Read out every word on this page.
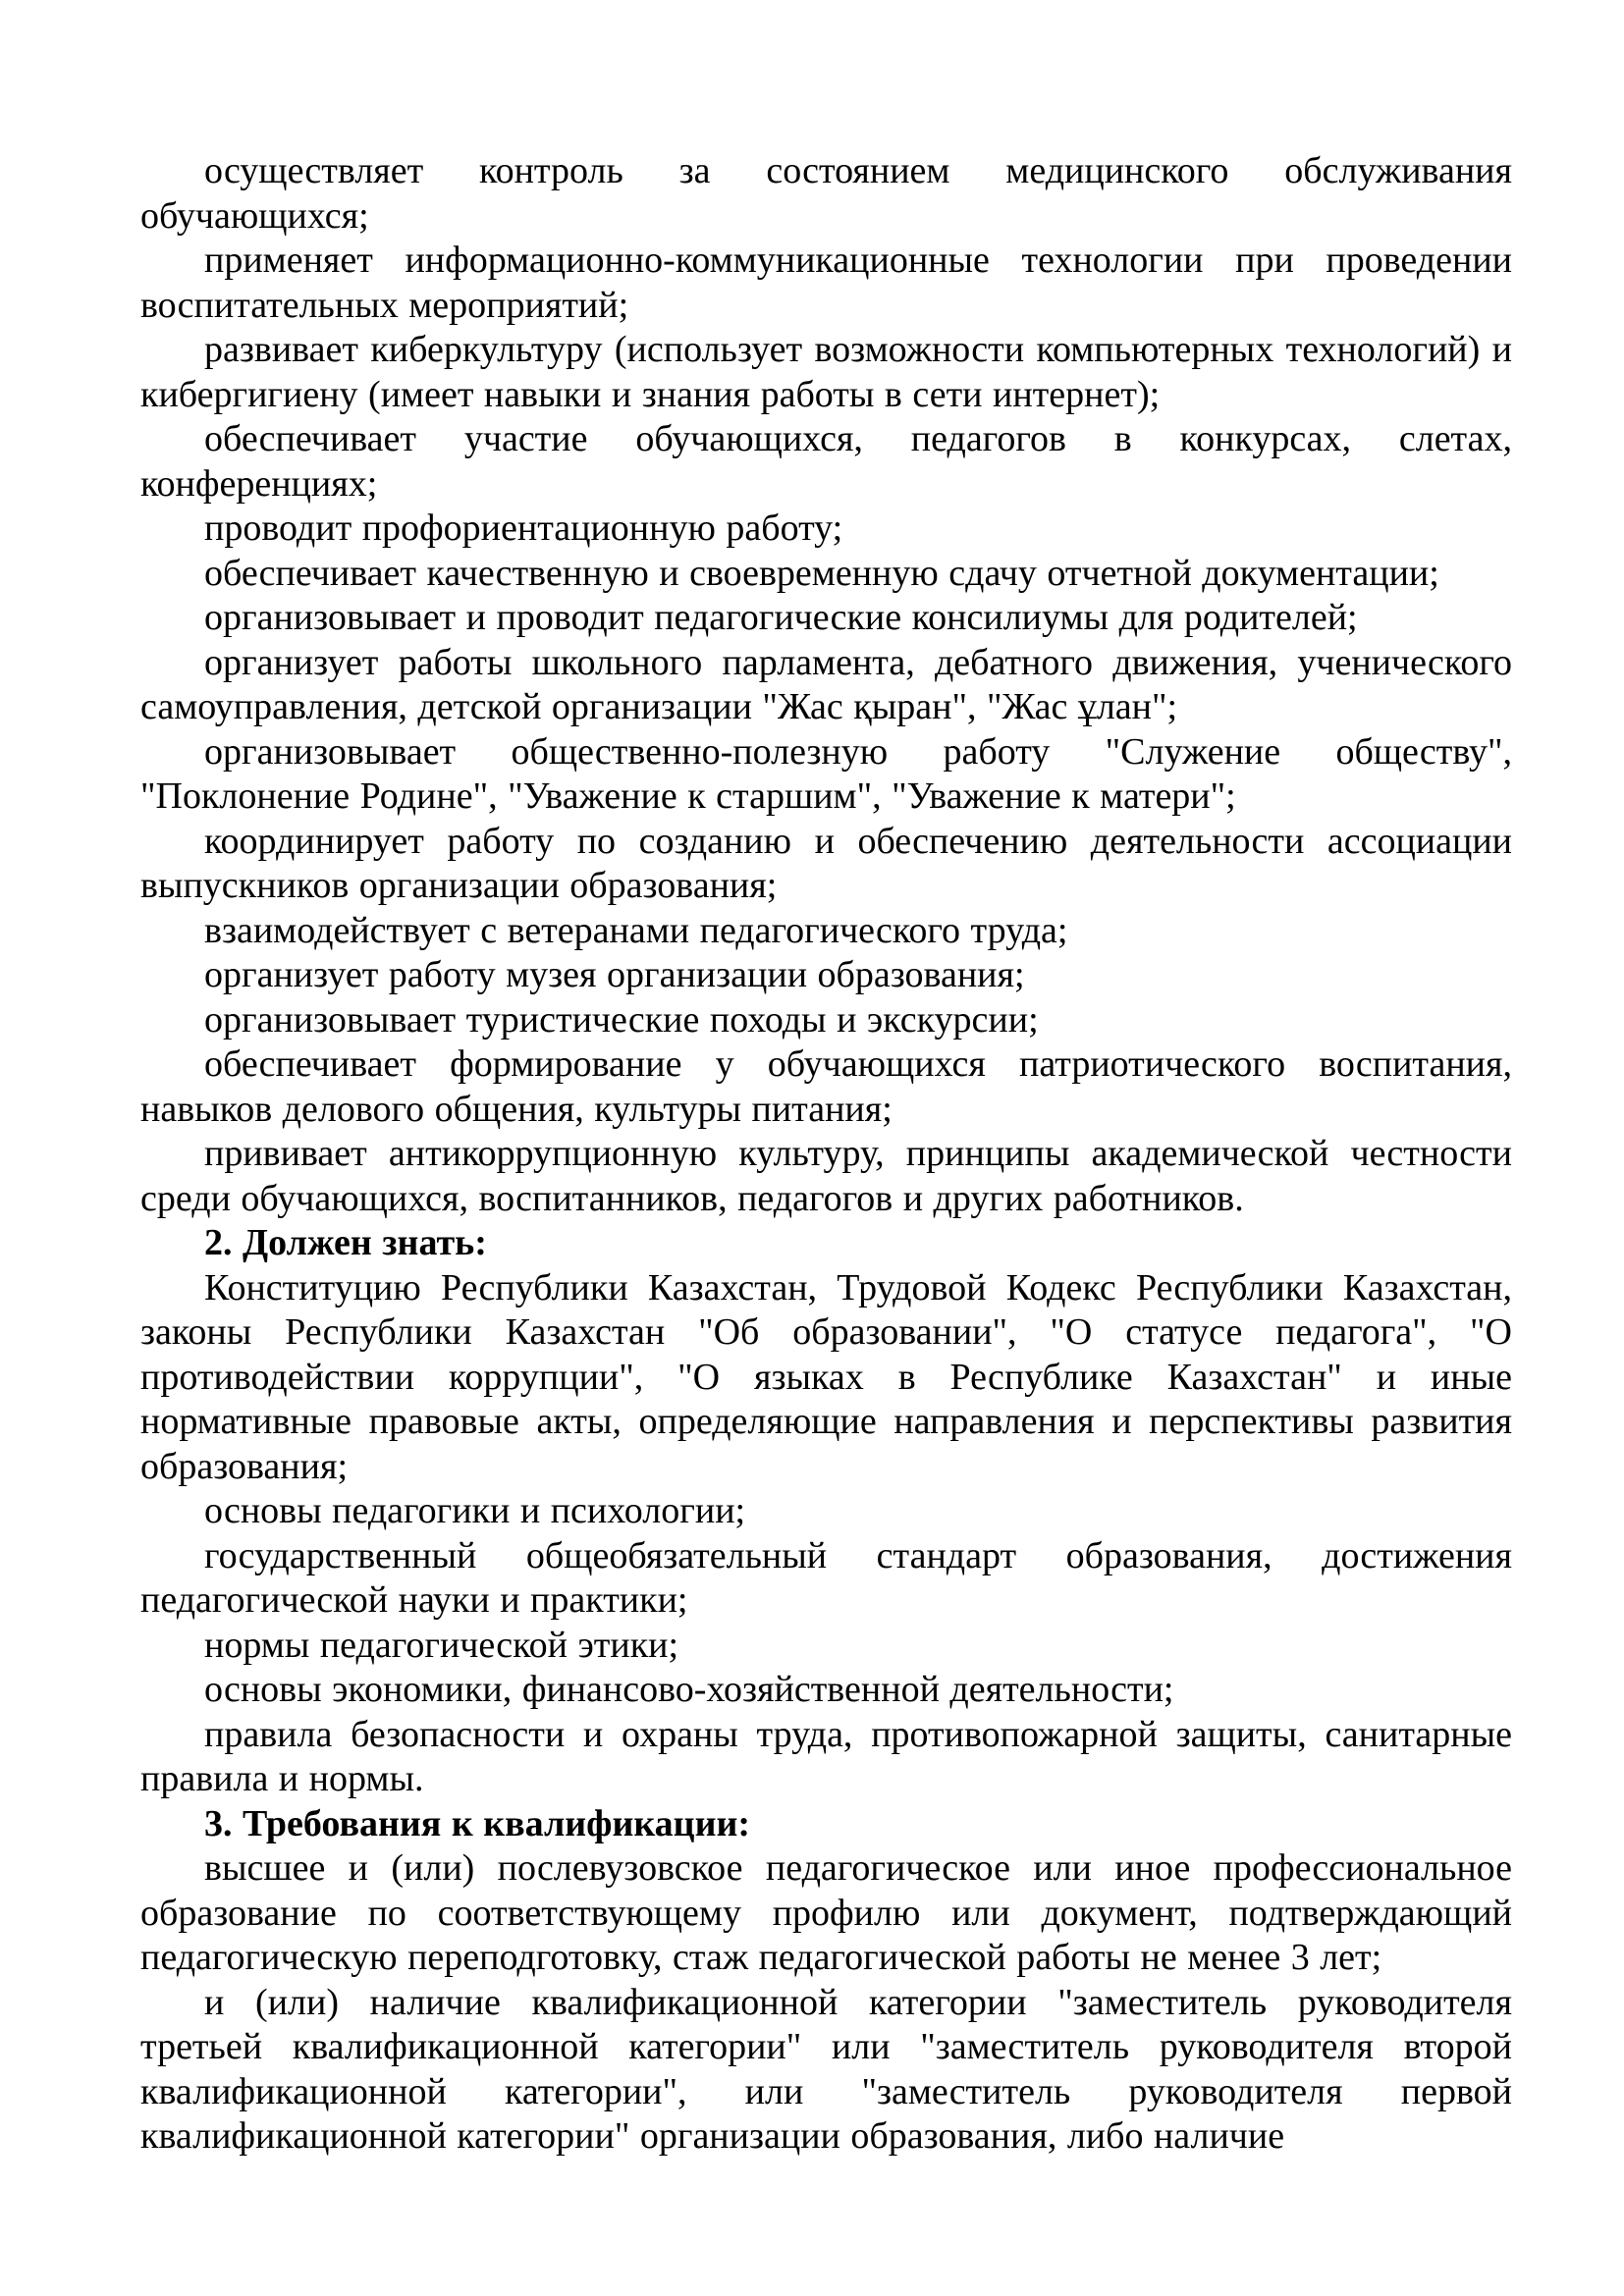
осуществляет контроль за состоянием медицинского обслуживания обучающихся;

применяет информационно-коммуникационные технологии при проведении воспитательных мероприятий;

развивает киберкультуру (использует возможности компьютерных технологий) и кибергигиену (имеет навыки и знания работы в сети интернет);

обеспечивает участие обучающихся, педагогов в конкурсах, слетах, конференциях;

проводит профориентационную работу;

обеспечивает качественную и своевременную сдачу отчетной документации;

организовывает и проводит педагогические консилиумы для родителей;

организует работы школьного парламента, дебатного движения, ученического самоуправления, детской организации "Жас қыран", "Жас ұлан";

организовывает общественно-полезную работу "Служение обществу", "Поклонение Родине", "Уважение к старшим", "Уважение к матери";

координирует работу по созданию и обеспечению деятельности ассоциации выпускников организации образования;

взаимодействует с ветеранами педагогического труда;

организует работу музея организации образования;

организовывает туристические походы и экскурсии;

обеспечивает формирование у обучающихся патриотического воспитания, навыков делового общения, культуры питания;

прививает антикоррупционную культуру, принципы академической честности среди обучающихся, воспитанников, педагогов и других работников.

2. Должен знать:

Конституцию Республики Казахстан, Трудовой Кодекс Республики Казахстан, законы Республики Казахстан "Об образовании", "О статусе педагога", "О противодействии коррупции", "О языках в Республике Казахстан" и иные нормативные правовые акты, определяющие направления и перспективы развития образования;

основы педагогики и психологии;

государственный общеобязательный стандарт образования, достижения педагогической науки и практики;

нормы педагогической этики;

основы экономики, финансово-хозяйственной деятельности;

правила безопасности и охраны труда, противопожарной защиты, санитарные правила и нормы.

3. Требования к квалификации:

высшее и (или) послевузовское педагогическое или иное профессиональное образование по соответствующему профилю или документ, подтверждающий педагогическую переподготовку, стаж педагогической работы не менее 3 лет;

и (или) наличие квалификационной категории "заместитель руководителя третьей квалификационной категории" или "заместитель руководителя второй квалификационной категории", или "заместитель руководителя первой квалификационной категории" организации образования, либо наличие
